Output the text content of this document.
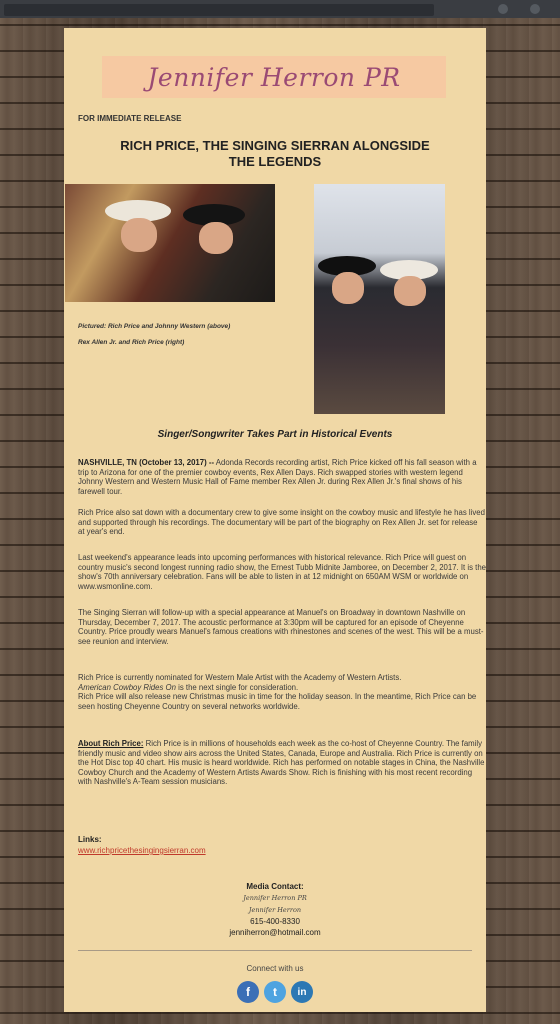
Jennifer Herron PR
FOR IMMEDIATE RELEASE
RICH PRICE, THE SINGING SIERRAN ALONGSIDE
THE LEGENDS
Pictured: Rich Price and Johnny Western (above)
Rex Allen Jr. and Rich Price (right)
Singer/Songwriter Takes Part in Historical Events
NASHVILLE, TN (October 13, 2017) -- Adonda Records recording artist, Rich Price kicked off his fall season with a trip to Arizona for one of the premier cowboy events, Rex Allen Days. Rich swapped stories with western legend Johnny Western and Western Music Hall of Fame member Rex Allen Jr. during Rex Allen Jr.'s final shows of his farewell tour.
Rich Price also sat down with a documentary crew to give some insight on the cowboy music and lifestyle he has lived and supported through his recordings. The documentary will be part of the biography on Rex Allen Jr. set for release at year's end.
Last weekend's appearance leads into upcoming performances with historical relevance. Rich Price will guest on country music's second longest running radio show, the Ernest Tubb Midnite Jamboree, on December 2, 2017. It is the show's 70th anniversary celebration. Fans will be able to listen in at 12 midnight on 650AM WSM or worldwide on www.wsmonline.com.
The Singing Sierran will follow-up with a special appearance at Manuel's on Broadway in downtown Nashville on Thursday, December 7, 2017. The acoustic performance at 3:30pm will be captured for an episode of Cheyenne Country. Price proudly wears Manuel's famous creations with rhinestones and scenes of the west. This will be a must-see reunion and interview.
Rich Price is currently nominated for Western Male Artist with the Academy of Western Artists.
American Cowboy Rides On is the next single for consideration.
Rich Price will also release new Christmas music in time for the holiday season. In the meantime, Rich Price can be seen hosting Cheyenne Country on several networks worldwide.
About Rich Price: Rich Price is in millions of households each week as the co-host of Cheyenne Country. The family friendly music and video show airs across the United States, Canada, Europe and Australia. Rich Price is currently on the Hot Disc top 40 chart. His music is heard worldwide. Rich has performed on notable stages in China, the Nashville Cowboy Church and the Academy of Western Artists Awards Show. Rich is finishing with his most recent recording with Nashville's A-Team session musicians.
Links:
www.richpricethesingingsierran.com
Media Contact:
Jennifer Herron PR
Jennifer Herron
615-400-8330
jenniherron@hotmail.com
Connect with us
f	t	in
